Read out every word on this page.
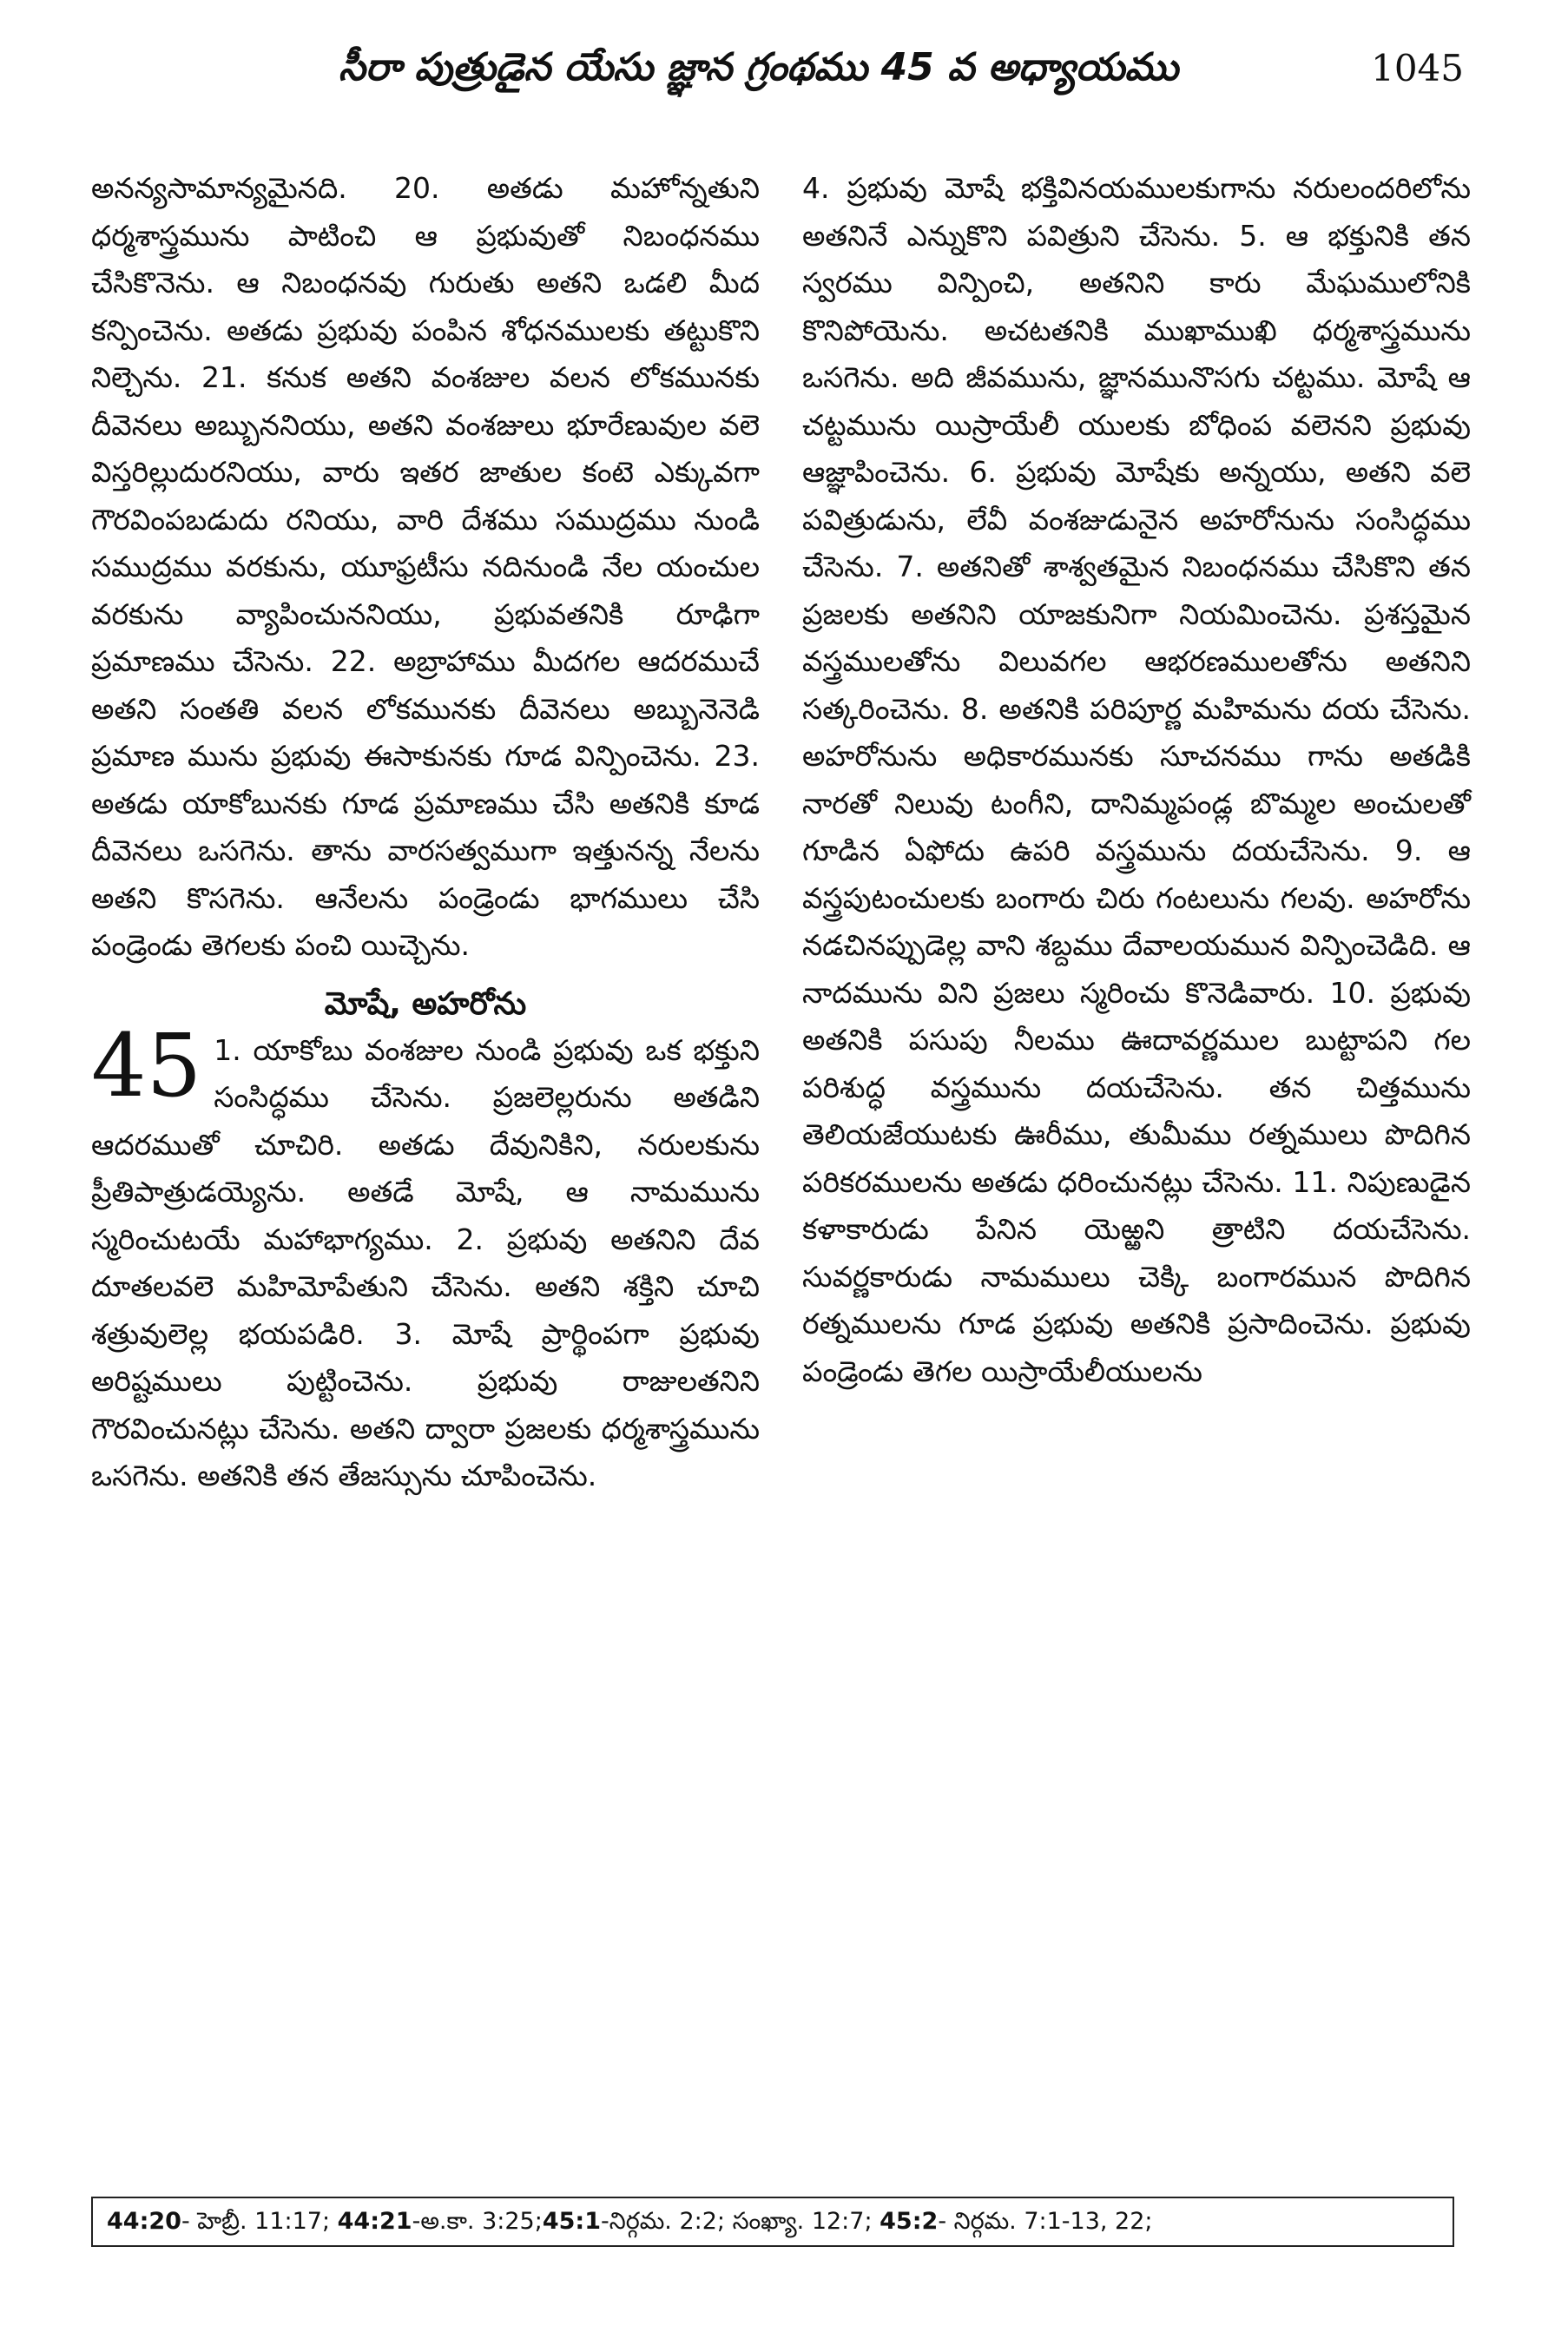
సీరా పుత్రుడైన యేసు జ్ఞాన గ్రంథము 45 వ అధ్యాయము	1045

అనన్యసామాన్యమైనది. 20. అతడు మహోన్నతుని ధర్మశాస్త్రమును పాటించి ఆ ప్రభువుతో నిబంధనము చేసికొనెను. ఆ నిబంధనవు గురుతు అతని ఒడలి మీద కన్పించెను. అతడు ప్రభువు పంపిన శోధనములకు తట్టుకొని నిల్చెను. 21. కనుక అతని వంశజుల వలన లోకమునకు దీవెనలు అబ్బుననియు, అతని వంశజులు భూరేణువుల వలె విస్తరిల్లుదురనియు, వారు ఇతర జాతుల కంటె ఎక్కువగా గౌరవింపబడుదు రనియు, వారి దేశము సముద్రము నుండి సముద్రము వరకును, యూఫ్రటీసు నదినుండి నేల యంచుల వరకును వ్యాపించుననియు, ప్రభువతనికి రూఢిగా ప్రమాణము చేసెను. 22. అబ్రాహాము మీదగల ఆదరముచే అతని సంతతి వలన లోకమునకు దీవెనలు అబ్బునెనెడి ప్రమాణ మును ప్రభువు ఈసాకునకు గూడ విన్పించెను. 23. అతడు యాకోబునకు గూడ ప్రమాణము చేసి అతనికి కూడ దీవెనలు ఒసగెను. తాను వారసత్వముగా ఇత్తునన్న నేలను అతని కొసగెను. ఆనేలను పండ్రెండు భాగములు చేసి పండ్రెండు తెగలకు పంచి యిచ్చెను.

మోషే, అహరోను
45 1. యాకోబు వంశజుల నుండి ప్రభువు ఒక భక్తుని సంసిద్ధము చేసెను. ప్రజలెల్లరును అతడిని ఆదరముతో చూచిరి. అతడు దేవునికిని, నరులకును ప్రీతిపాత్రుడయ్యెను. అతడే మోషే, ఆ నామమును స్మరించుటయే మహాభాగ్యము. 2. ప్రభువు అతనిని దేవ దూతలవలె మహిమోపేతుని చేసెను. అతని శక్తిని చూచి శత్రువులెల్ల భయపడిరి. 3. మోషే ప్రార్థింపగా ప్రభువు అరిష్టములు పుట్టించెను. ప్రభువు రాజులతనిని గౌరవించునట్లు చేసెను. అతని ద్వారా ప్రజలకు ధర్మశాస్త్రమును ఒసగెను. అతనికి తన తేజస్సును చూపించెను.

4. ప్రభువు మోషే భక్తివినయములకుగాను నరులందరిలోను అతనినే ఎన్నుకొని పవిత్రుని చేసెను. 5. ఆ భక్తునికి తన స్వరము విన్పించి, అతనిని కారు మేఘములోనికి కొనిపోయెను. అచటతనికి ముఖాముఖి ధర్మశాస్త్రమును ఒసగెను. అది జీవమును, జ్ఞానమునొసగు చట్టము. మోషే ఆ చట్టమును యిస్రాయేలీ యులకు బోధింప వలెనని ప్రభువు ఆజ్ఞాపించెను. 6. ప్రభువు మోషేకు అన్నయు, అతని వలె పవిత్రుడును, లేవీ వంశజుడునైన అహరోనును సంసిద్ధము చేసెను. 7. అతనితో శాశ్వతమైన నిబంధనము చేసికొని తన ప్రజలకు అతనిని యాజకునిగా నియమించెను. ప్రశస్తమైన వస్త్రములతోను విలువగల ఆభరణములతోను అతనిని సత్కరించెను. 8. అతనికి పరిపూర్ణ మహిమను దయ చేసెను. అహరోనును అధికారమునకు సూచనము గాను అతడికి నారతో నిలువు టంగీని, దానిమ్మపండ్ల బొమ్మల అంచులతో గూడిన ఏఫోదు ఉపరి వస్త్రమును దయచేసెను. 9. ఆ వస్త్రపుటంచులకు బంగారు చిరు గంటలును గలవు. అహరోను నడచినప్పుడెల్ల వాని శబ్దము దేవాలయమున విన్పించెడిది. ఆ నాదమును విని ప్రజలు స్మరించు కొనెడివారు. 10. ప్రభువు అతనికి పసుపు నీలము ఊదావర్ణముల బుట్టాపని గల పరిశుద్ధ వస్త్రమును దయచేసెను. తన చిత్తమును తెలియజేయుటకు ఊరీము, తుమీము రత్నములు పొదిగిన పరికరములను అతడు ధరించునట్లు చేసెను. 11. నిపుణుడైన కళాకారుడు పేనిన యెఱ్ఱని త్రాటిని దయచేసెను. సువర్ణకారుడు నామములు చెక్కి బంగారమున పొదిగిన రత్నములను గూడ ప్రభువు అతనికి ప్రసాదించెను. ప్రభువు పండ్రెండు తెగల యిస్రాయేలీయులను

44:20- హెబ్రీ. 11:17; 44:21-అ.కా. 3:25;45:1-నిర్గమ. 2:2; సంఖ్యా. 12:7; 45:2- నిర్గమ. 7:1-13, 22;
